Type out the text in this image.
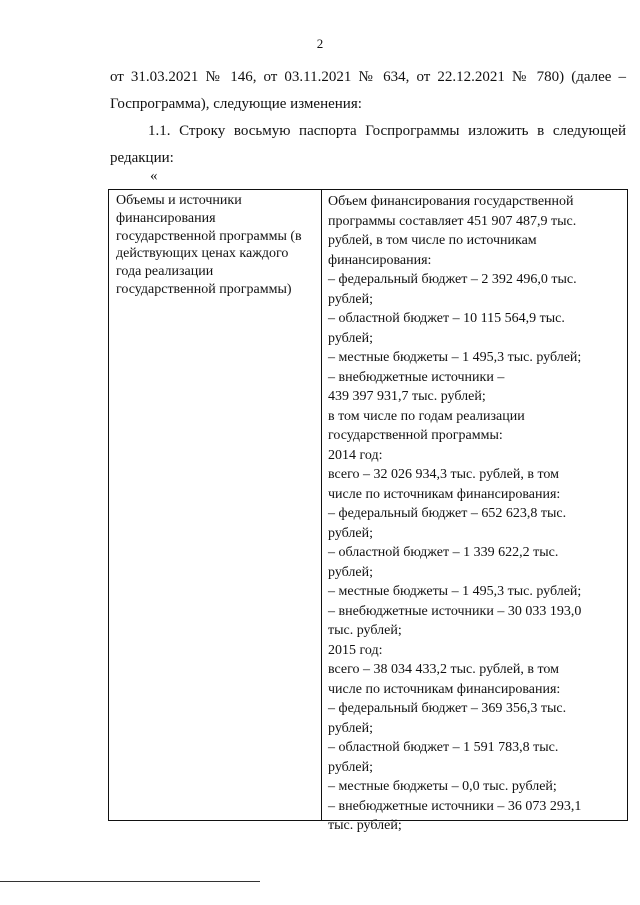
2
от 31.03.2021 № 146, от 03.11.2021 № 634, от 22.12.2021 № 780) (далее –
Госпрограмма), следующие изменения:
1.1. Строку восьмую паспорта Госпрограммы изложить в следующей
редакции:
«
Объемы и источники
финансирования
государственной программы (в
действующих ценах каждого
года реализации
государственной программы)
Объем финансирования государственной
программы составляет 451 907 487,9 тыс.
рублей, в том числе по источникам
финансирования:
– федеральный бюджет – 2 392 496,0 тыс.
рублей;
– областной бюджет – 10 115 564,9 тыс.
рублей;
– местные бюджеты – 1 495,3 тыс. рублей;
– внебюджетные источники –
439 397 931,7 тыс. рублей;
в том числе по годам реализации
государственной программы:
2014 год:
всего – 32 026 934,3 тыс. рублей, в том
числе по источникам финансирования:
– федеральный бюджет – 652 623,8 тыс.
рублей;
– областной бюджет – 1 339 622,2 тыс.
рублей;
– местные бюджеты – 1 495,3 тыс. рублей;
– внебюджетные источники – 30 033 193,0
тыс. рублей;
2015 год:
всего – 38 034 433,2 тыс. рублей, в том
числе по источникам финансирования:
– федеральный бюджет – 369 356,3 тыс.
рублей;
– областной бюджет – 1 591 783,8 тыс.
рублей;
– местные бюджеты – 0,0 тыс. рублей;
– внебюджетные источники – 36 073 293,1
тыс. рублей;
